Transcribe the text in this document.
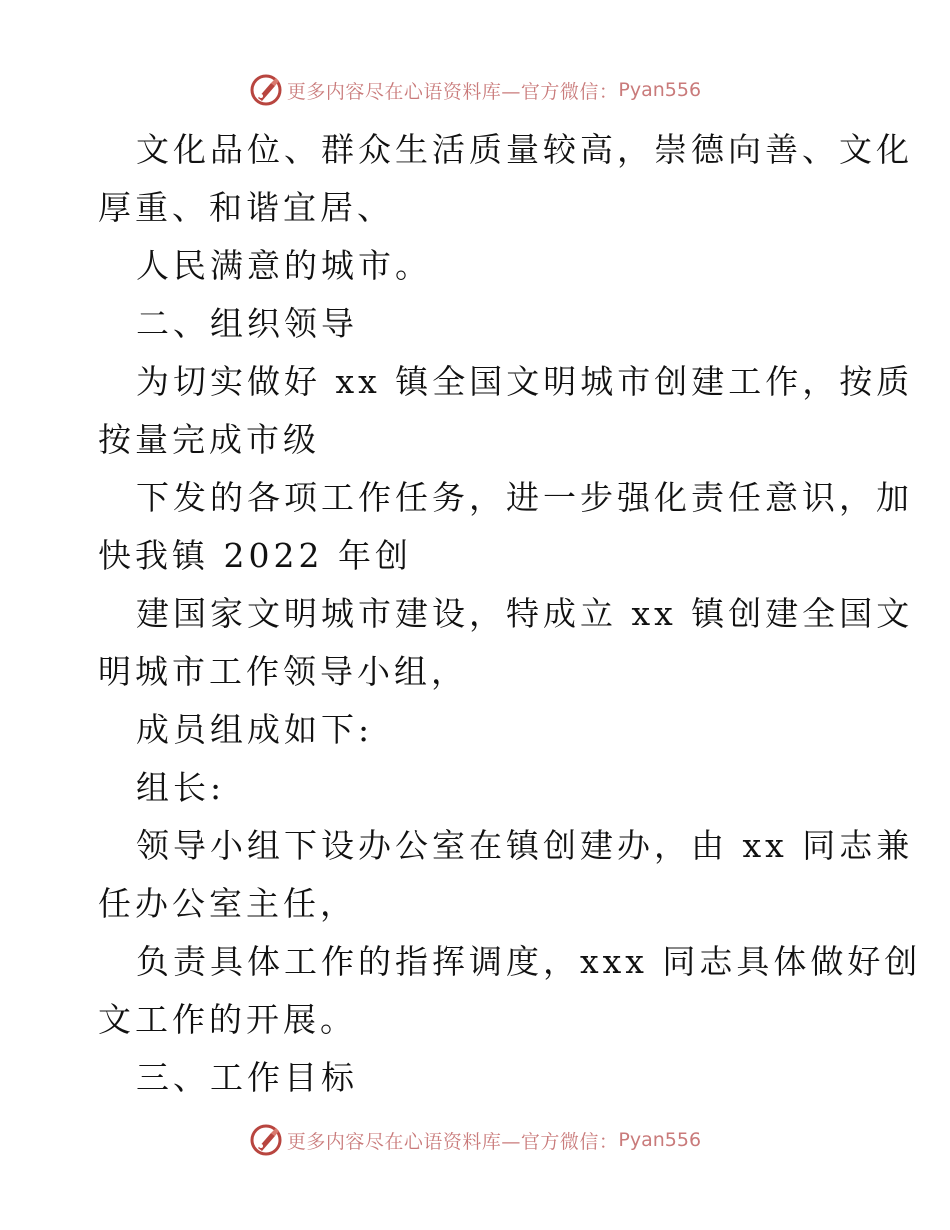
更多内容尽在心语资料库—官方微信： Pyan556
文化品位、群众生活质量较高，崇德向善、文化
厚重、和谐宜居、
人民满意的城市。
二、组织领导
为切实做好 xx 镇全国文明城市创建工作，按质
按量完成市级
下发的各项工作任务，进一步强化责任意识，加
快我镇 2022 年创
建国家文明城市建设，特成立 xx 镇创建全国文
明城市工作领导小组，
成员组成如下:
组长:
领导小组下设办公室在镇创建办，由 xx 同志兼
任办公室主任，
负责具体工作的指挥调度，xxx 同志具体做好创
文工作的开展。
三、工作目标
更多内容尽在心语资料库—官方微信： Pyan556
